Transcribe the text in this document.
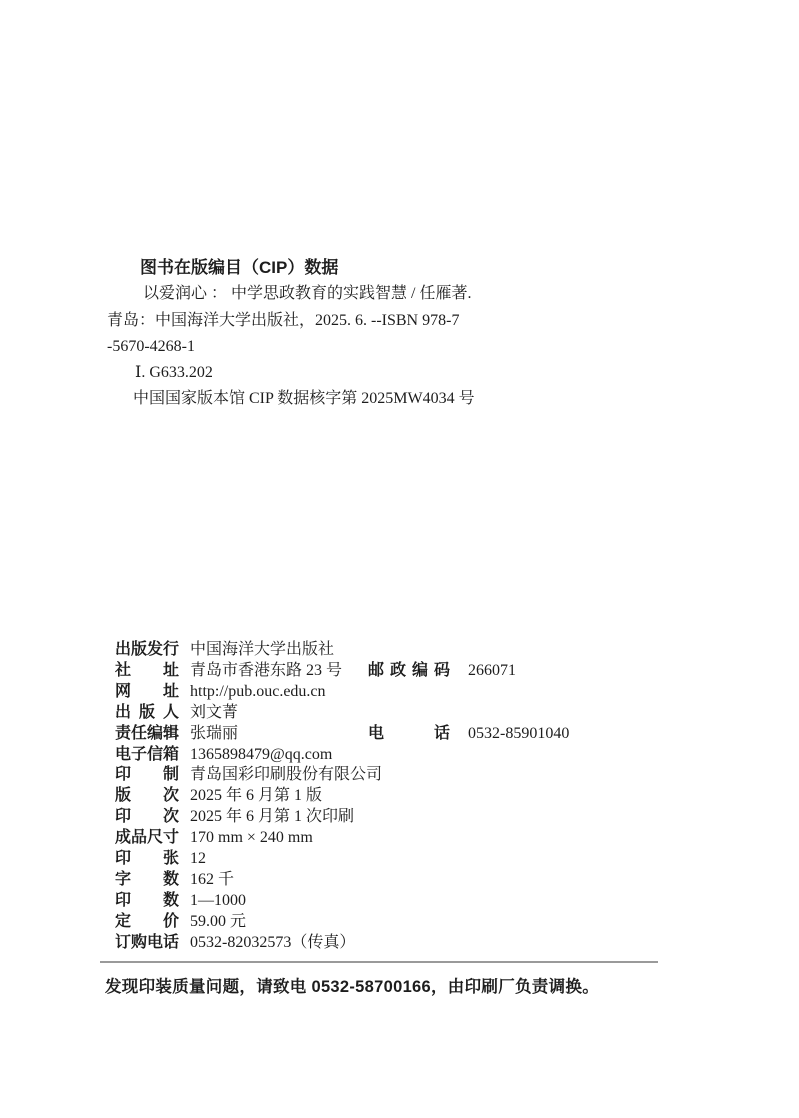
图书在版编目（CIP）数据

以爱润心 ： 中学思政教育的实践智慧 / 任雁著.

青岛：中国海洋大学出版社，2025. 6. --ISBN 978-7

-5670-4268-1

Ⅰ. G633.202

中国国家版本馆 CIP 数据核字第 2025MW4034 号

出版发行 中国海洋大学出版社
社址 青岛市香港东路 23 号	邮政编码 266071
网址 http://pub.ouc.edu.cn
出版人 刘文菁
责任编辑 张瑞丽	电话 0532-85901040
电子信箱 1365898479@qq.com
印制 青岛国彩印刷股份有限公司
版次 2025 年 6 月第 1 版
印次 2025 年 6 月第 1 次印刷
成品尺寸 170 mm × 240 mm
印张 12
字数 162 千
印数 1—1000
定价 59.00 元
订购电话 0532-82032573（传真）

发现印装质量问题，请致电 0532-58700166，由印刷厂负责调换。
